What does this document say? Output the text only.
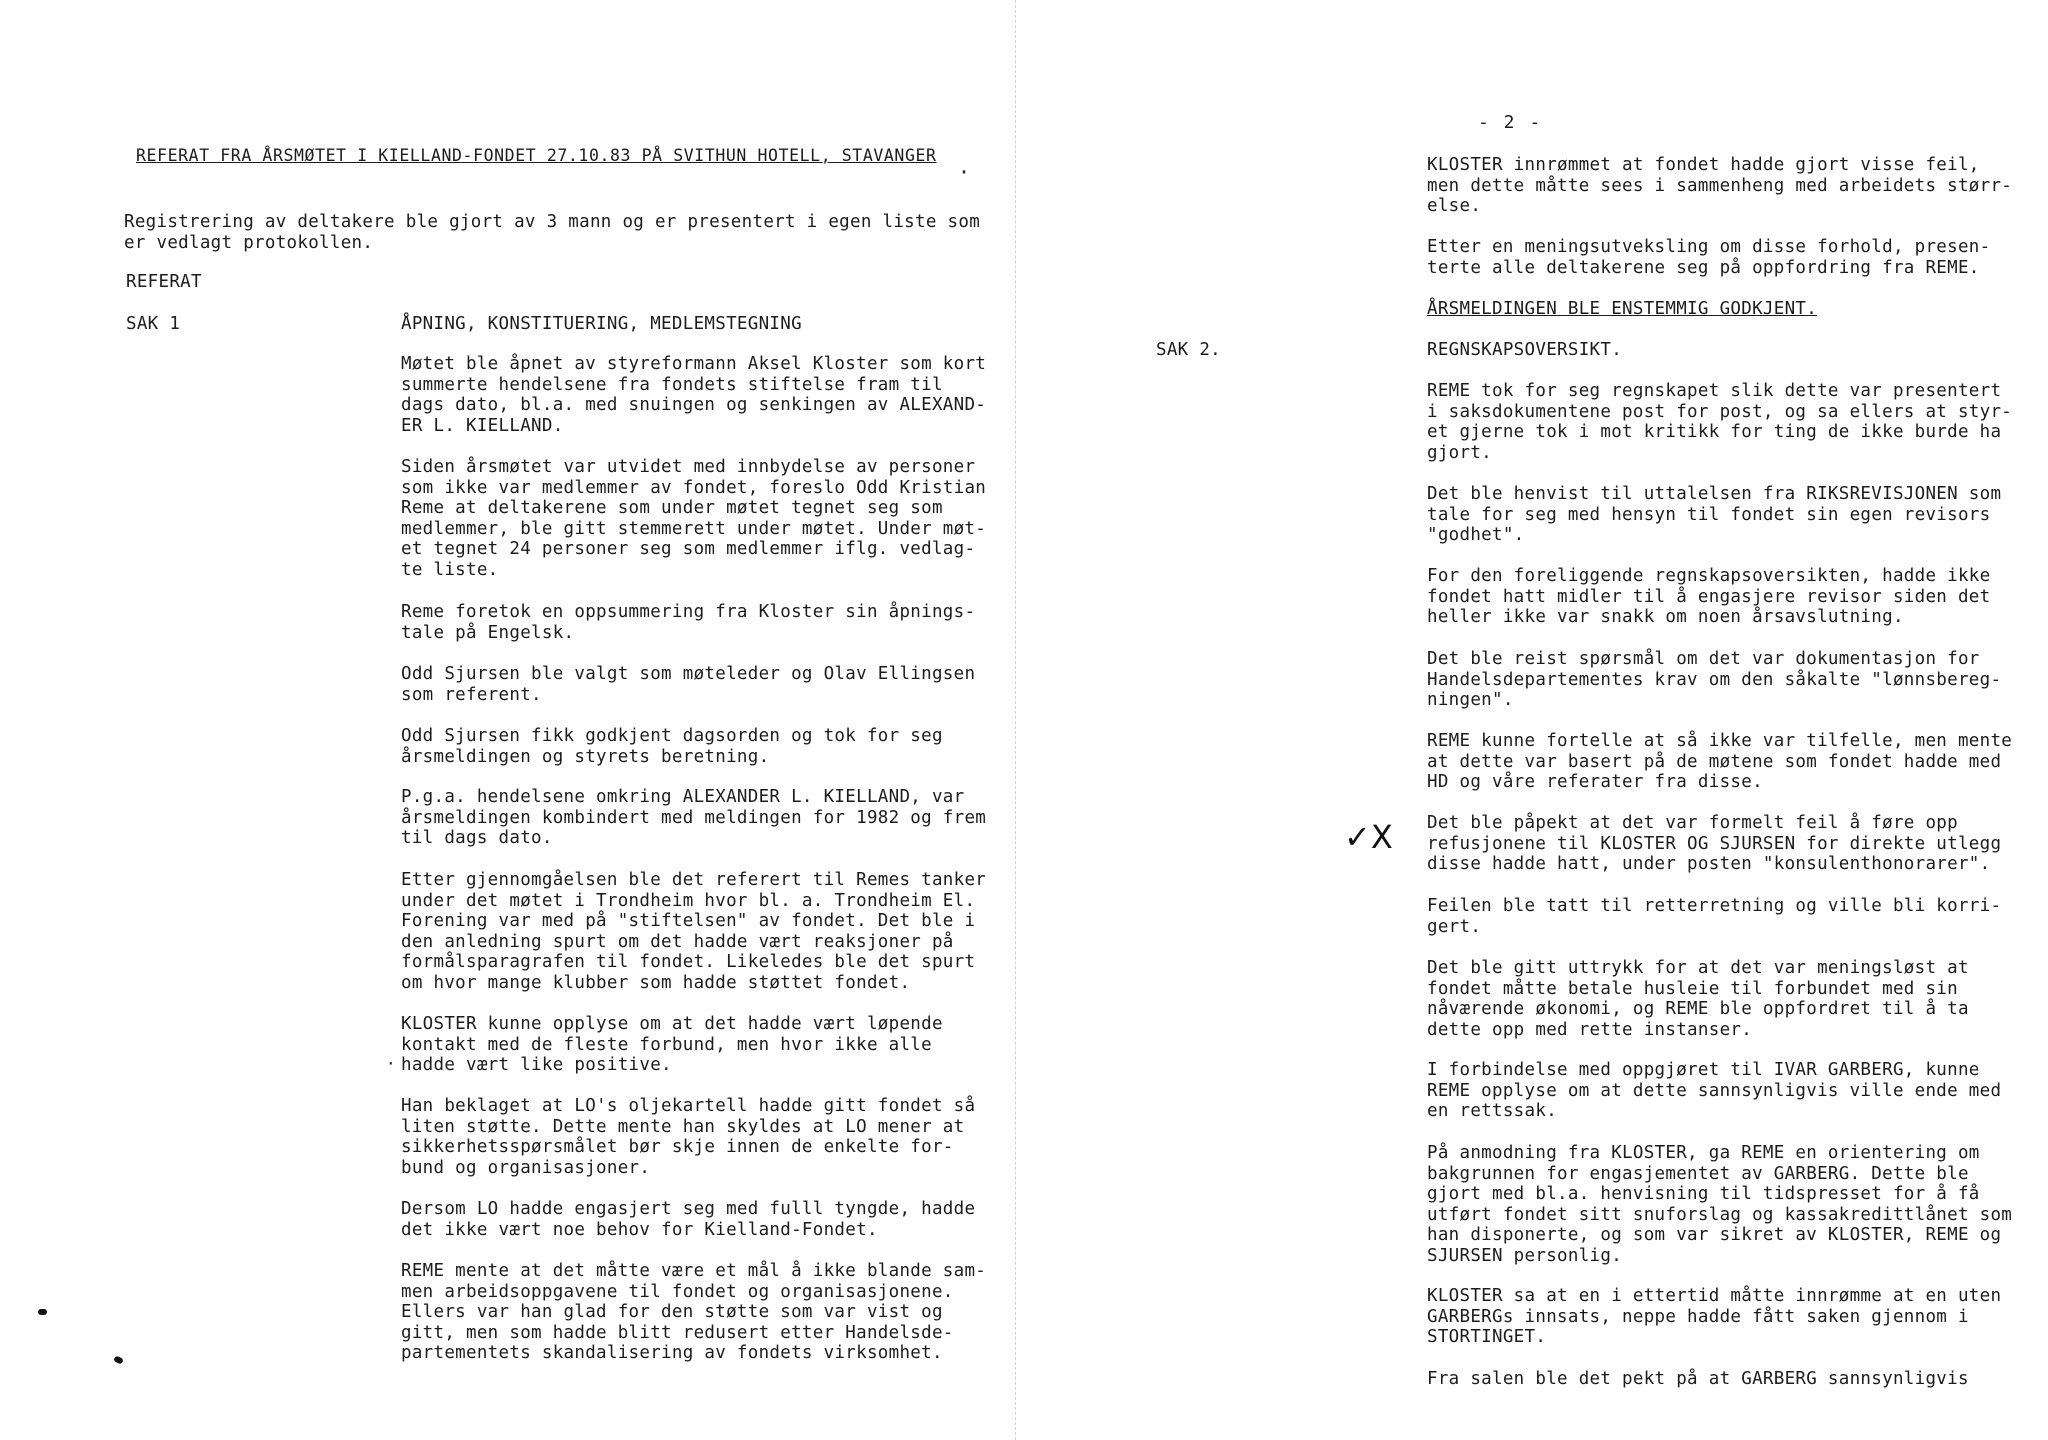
REFERAT FRA ÅRSMØTET I KIELLAND-FONDET 27.10.83 PÅ SVITHUN HOTELL, STAVANGER
·
Registrering av deltakere ble gjort av 3 mann og er presentert i egen liste som
er vedlagt protokollen.
REFERAT
SAK 1	ÅPNING, KONSTITUERING, MEDLEMSTEGNING
Møtet ble åpnet av styreformann Aksel Kloster som kort
summerte hendelsene fra fondets stiftelse fram til
dags dato, bl.a. med snuingen og senkingen av ALEXAND-
ER L. KIELLAND.
Siden årsmøtet var utvidet med innbydelse av personer
som ikke var medlemmer av fondet, foreslo Odd Kristian
Reme at deltakerene som under møtet tegnet seg som
medlemmer, ble gitt stemmerett under møtet. Under møt-
et tegnet 24 personer seg som medlemmer iflg. vedlag-
te liste.
Reme foretok en oppsummering fra Kloster sin åpnings-
tale på Engelsk.
Odd Sjursen ble valgt som møteleder og Olav Ellingsen
som referent.
Odd Sjursen fikk godkjent dagsorden og tok for seg
årsmeldingen og styrets beretning.
P.g.a. hendelsene omkring ALEXANDER L. KIELLAND, var
årsmeldingen kombindert med meldingen for 1982 og frem
til dags dato.
Etter gjennomgåelsen ble det referert til Remes tanker
under det møtet i Trondheim hvor bl. a. Trondheim El.
Forening var med på "stiftelsen" av fondet. Det ble i
den anledning spurt om det hadde vært reaksjoner på
formålsparagrafen til fondet. Likeledes ble det spurt
om hvor mange klubber som hadde støttet fondet.
KLOSTER kunne opplyse om at det hadde vært løpende
kontakt med de fleste forbund, men hvor ikke alle
hadde vært like positive.
Han beklaget at LO's oljekartell hadde gitt fondet så
liten støtte. Dette mente han skyldes at LO mener at
sikkerhetsspørsmålet bør skje innen de enkelte for-
bund og organisasjoner.
Dersom LO hadde engasjert seg med fulll tyngde, hadde
det ikke vært noe behov for Kielland-Fondet.
REME mente at det måtte være et mål å ikke blande sam-
men arbeidsoppgavene til fondet og organisasjonene.
Ellers var han glad for den støtte som var vist og
gitt, men som hadde blitt redusert etter Handelsde-
partementets skandalisering av fondets virksomhet.
·
- 2 -
KLOSTER innrømmet at fondet hadde gjort visse feil,
men dette måtte sees i sammenheng med arbeidets størr-
else.
Etter en meningsutveksling om disse forhold, presen-
terte alle deltakerene seg på oppfordring fra REME.
ÅRSMELDINGEN BLE ENSTEMMIG GODKJENT.
SAK 2.	REGNSKAPSOVERSIKT.
REME tok for seg regnskapet slik dette var presentert
i saksdokumentene post for post, og sa ellers at styr-
et gjerne tok i mot kritikk for ting de ikke burde ha
gjort.
Det ble henvist til uttalelsen fra RIKSREVISJONEN som
tale for seg med hensyn til fondet sin egen revisors
"godhet".
For den foreliggende regnskapsoversikten, hadde ikke
fondet hatt midler til å engasjere revisor siden det
heller ikke var snakk om noen årsavslutning.
Det ble reist spørsmål om det var dokumentasjon for
Handelsdepartementes krav om den såkalte "lønnsbereg-
ningen".
REME kunne fortelle at så ikke var tilfelle, men mente
at dette var basert på de møtene som fondet hadde med
HD og våre referater fra disse.
Det ble påpekt at det var formelt feil å føre opp
refusjonene til KLOSTER OG SJURSEN for direkte utlegg
disse hadde hatt, under posten "konsulenthonorarer".
Feilen ble tatt til retterretning og ville bli korri-
gert.
Det ble gitt uttrykk for at det var meningsløst at
fondet måtte betale husleie til forbundet med sin
nåværende økonomi, og REME ble oppfordret til å ta
dette opp med rette instanser.
I forbindelse med oppgjøret til IVAR GARBERG, kunne
REME opplyse om at dette sannsynligvis ville ende med
en rettssak.
På anmodning fra KLOSTER, ga REME en orientering om
bakgrunnen for engasjementet av GARBERG. Dette ble
gjort med bl.a. henvisning til tidspresset for å få
utført fondet sitt snuforslag og kassakredittlånet som
han disponerte, og som var sikret av KLOSTER, REME og
SJURSEN personlig.
KLOSTER sa at en i ettertid måtte innrømme at en uten
GARBERGs innsats, neppe hadde fått saken gjennom i
STORTINGET.
Fra salen ble det pekt på at GARBERG sannsynligvis
✓X
